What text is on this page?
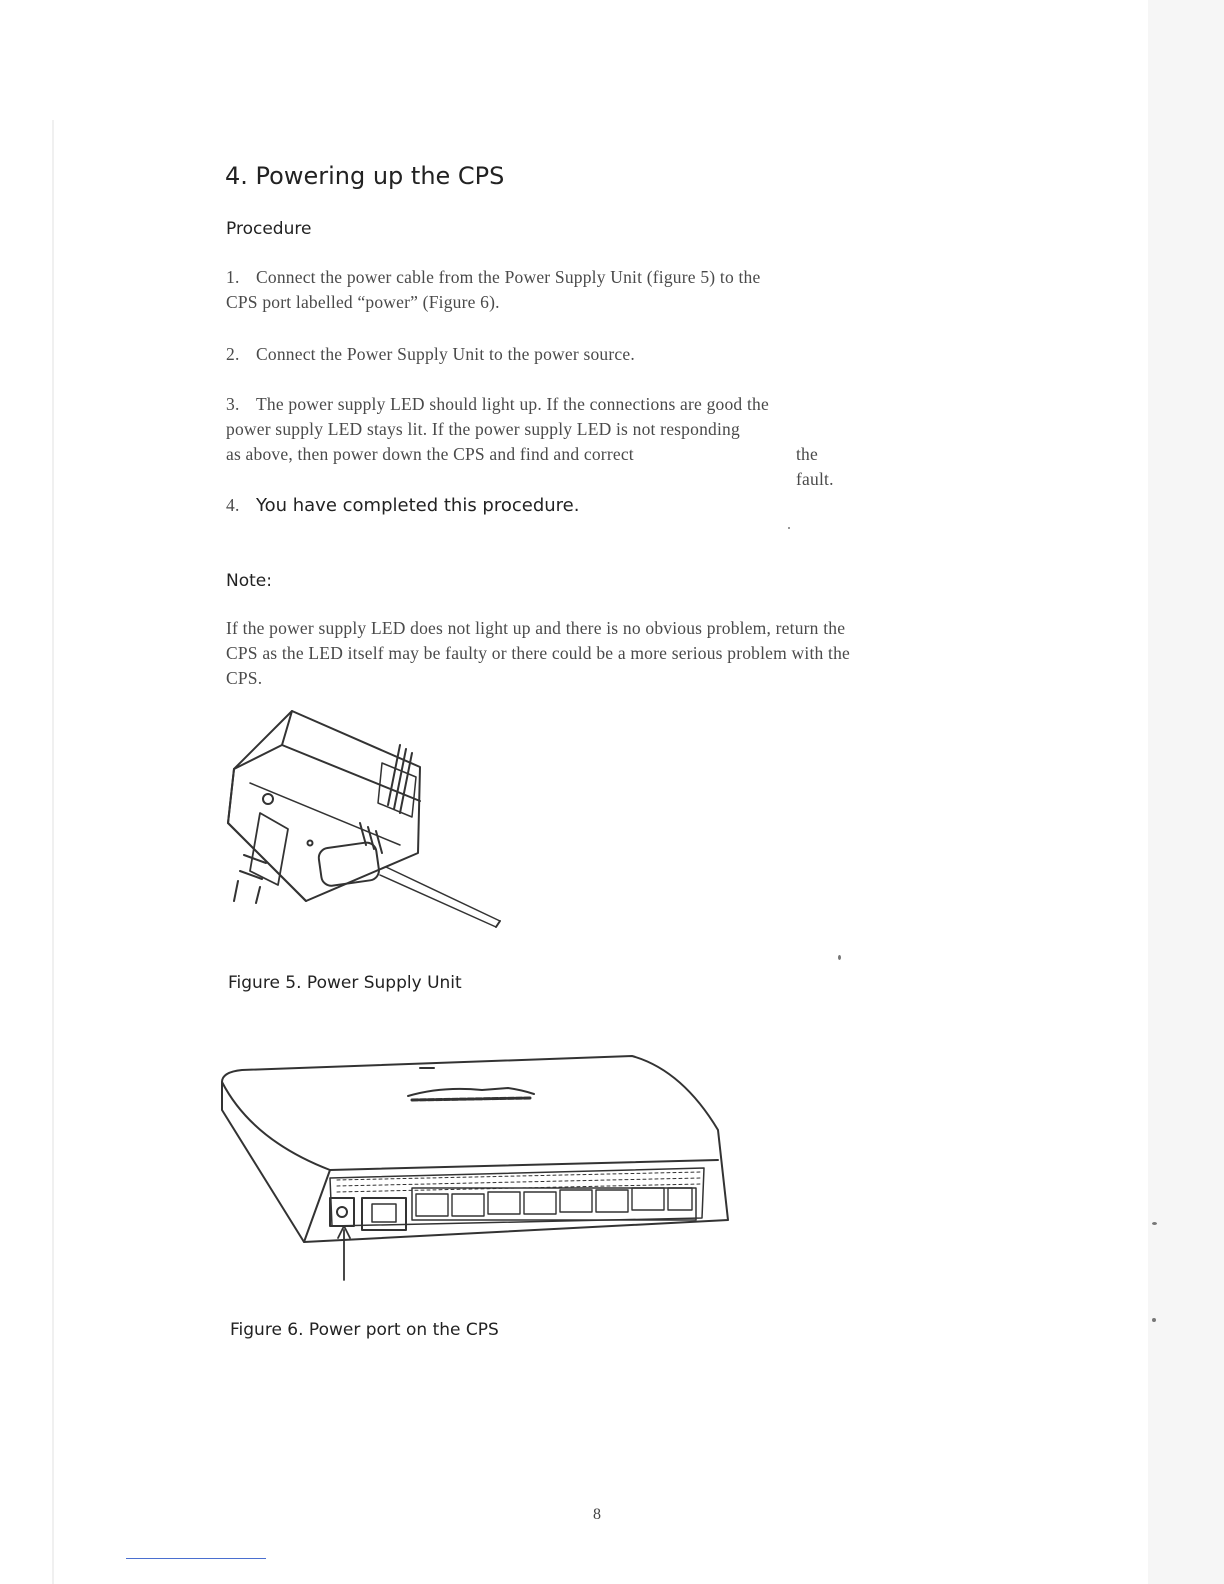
4. Powering up the CPS
Procedure
1. Connect the power cable from the Power Supply Unit (figure 5) to the
CPS port labelled “power” (Figure 6).
2. Connect the Power Supply Unit to the power source.
3. The power supply LED should light up. If the connections are good the
power supply LED stays lit. If the power supply LED is not responding
as above, then power down the CPS and find and correct	the fault.
4. You have completed this procedure.
Note:
If the power supply LED does not light up and there is no obvious problem, return the
CPS as the LED itself may be faulty or there could be a more serious problem with the
CPS.
Figure 5. Power Supply Unit
Figure 6. Power port on the CPS
8
